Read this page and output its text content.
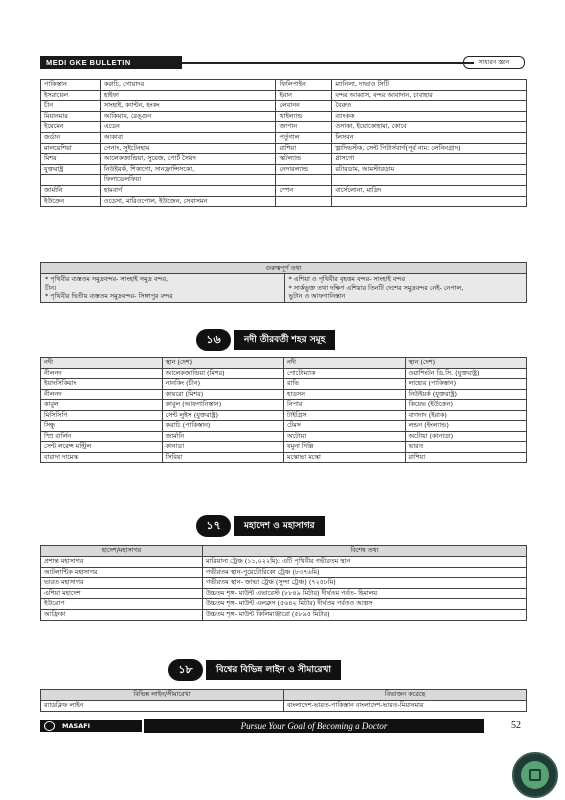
MEDI GKE BULLETIN	সাধারণ জ্ঞান
পাকিস্তান	করাচি, গোয়াদর	ফিলিপাইন	ম্যানিলা, দাভাও সিটি
ইসরায়েল	হাইফা	ইরান	বন্দর আব্বাস, বন্দর আবাদান, চাবাহার
চীন	সাংহাই, ক্যান্টন, হংকং	লেবানন	বৈরুত
মিয়ানমার	আকিয়াব, রেঙ্গুন	থাইল্যান্ড	ব্যাংকক
ইয়েমেন	এডেন	জাপান	ওসাকা, ইয়োকোহামা, কোবে
জর্ডান	আকাবা	পর্তুগাল	লিসবন
মালয়েশিয়া	পেনাং, সুইটেনহাম	রাশিয়া	ভ্লাদিভস্টক, সেন্ট পিটার্সবার্গ(পূর্ব নাম: লেনিনগ্রাদ)
মিশর	আলেকজান্দ্রিয়া, সুয়েজ, পোর্ট সৈয়দ	স্কটল্যান্ড	গ্লাসগো
যুক্তরাষ্ট্র	নিউইয়র্ক, শিকাগো, সানফ্রান্সিসকো,	নেদারল্যান্ড	রটারডাম, আমস্টারডাম
	ফিলাডেলফিয়া		
জার্মানি	হামবার্গ	স্পেন	বার্সেলোনা, মাদ্রিদ
ইউক্রেন	ওডেসা, মারিওপোল, ইউজেন, সেবাসমন		
গুরুত্বপূর্ণ তথ্য
* পৃথিবীর ব্যস্ততম সমুদ্রবন্দর- সাংহাই সমুদ্র বন্দর,
চীন।
* পৃথিবীর দ্বিতীয় ব্যস্ততম সমুদ্রবন্দর- সিঙ্গাপুর বন্দর
* এশিয়া ও পৃথিবীর বৃহত্তম বন্দর- সাংহাই বন্দর
* সার্কভুক্ত তথা দক্ষিণ এশিয়ার তিনটি দেশের সমুদ্রবন্দর নেই- নেপাল,
ভুটান ও আফগানিস্তান
১৬	নদী তীরবর্তী শহর সমূহ
নদী	স্থান (দেশ)	নদী	স্থান (দেশ)
নীলনদ	আলেকজান্দ্রিয়া (মিশর)	পোটোম্যাক	ওয়াশিংটন ডি.সি. (যুক্তরাষ্ট্র)
ইয়াংসিকিয়াং	নানকিং (চীন)	রাভি	লাহোর (পাকিস্তান)
নীলনদ	কায়রো (মিশর)	হাডসন	নিউইয়র্ক (যুক্তরাষ্ট্র)
কাবুল	কাবুল (আফগানিস্তান)	নিপার	কিয়েভ (ইউক্রেন)
মিসিসিপি	সেন্ট লুইস (যুক্তরাষ্ট্র)	টাইগ্রিস	বাগদাদ (ইরাক)
সিন্ধু	করাচি (পাকিস্তান)	টেমস	লন্ডন (ইংল্যান্ড)
স্প্রি বার্লিন	জার্মানি	অটোয়া	অটোয়া (কানাডা)
সেন্ট লরেন্স মন্ট্রিল	কানাডা	যমুনা দিল্লি	ভারত
বারাদা দামেস্ক	সিরিয়া	মস্কোভা মস্কো	রাশিয়া
১৭	মহাদেশ ও মহাসাগর
হাদেশ/মহাসাগর	বিশেষ তথ্য
প্রশান্ত মহাসাগর	মারিয়ানা ট্রেঞ্চ (১১,০২২মি): এটি পৃথিবীর গভীরতম স্থান
আটলান্টিক মহাসাগর	গভীরতম স্থান-পুয়েটোরিকো ট্রেঞ্চ (৮৩৭৬মি)
ভারত মহাসাগর	গভীরতম স্থান- জাভা ট্রেঞ্চ (সুন্দা ট্রেঞ্চ) (৭২৫৮মি)
এশিয়া মহাদেশ	উচ্চতম শৃঙ্গ- মাউন্ট এভারেস্ট (৮৮৪৯ মিটার) দীর্ঘতম পর্বত- হিমালয়
ইউরোপ	উচ্চতম শৃঙ্গ- মাউন্ট এলব্রুস (৫৬৪২ মিটার) দীর্ঘতম পর্বতও আল্পস
আফ্রিকা	উচ্চতম শৃঙ্গ- মাউন্ট কিলিমাঞ্জারো (৫৮৯৫ মিটার)
১৮	বিশ্বের বিভিন্ন লাইন ও সীমারেখা
বিভিন্ন লাইন/সীমারেখা	বিভাজন করেছে
র‍্যাডক্লিফ লাইন	বাংলাদেশ-ভারত-পাকিস্তান বাংলাদেশ-ভারত-মিয়ানমার
MASAFI	Pursue Your Goal of Becoming a Doctor	52
